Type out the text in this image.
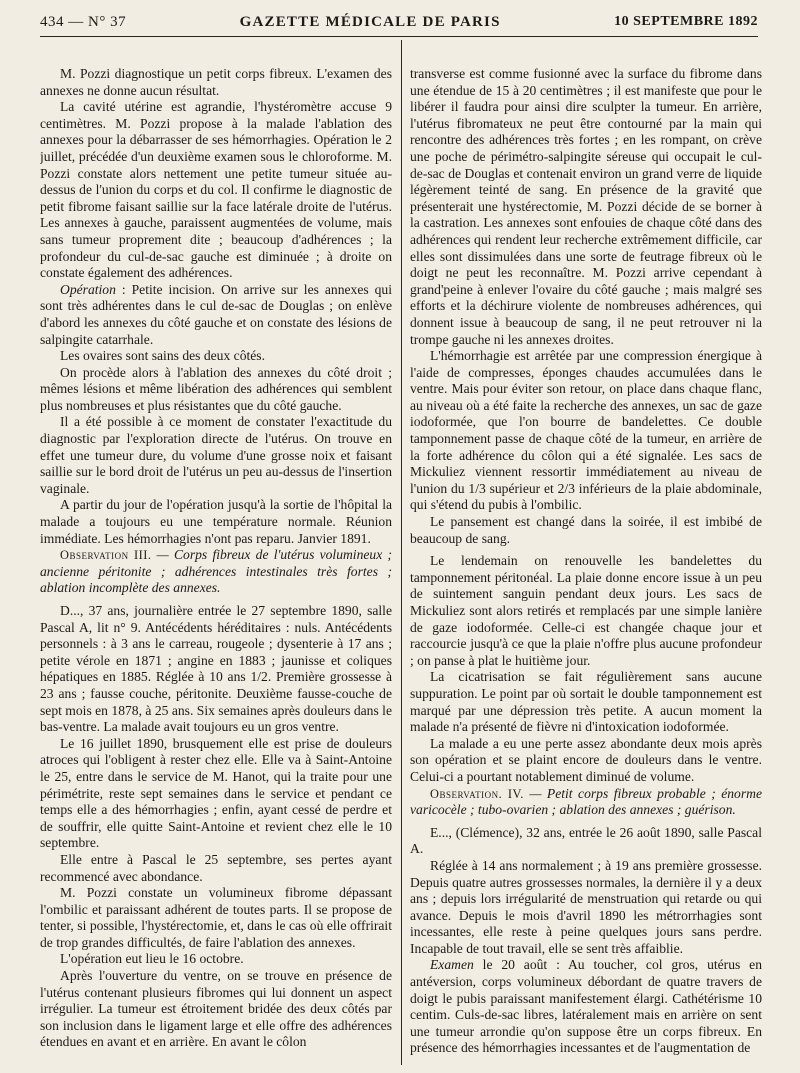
434 — N° 37	GAZETTE MÉDICALE DE PARIS	10 SEPTEMBRE 1892

M. Pozzi diagnostique un petit corps fibreux. L'examen des annexes ne donne aucun résultat.

La cavité utérine est agrandie, l'hystéromètre accuse 9 centimètres. M. Pozzi propose à la malade l'ablation des annexes pour la débarrasser de ses hémorrhagies. Opération le 2 juillet, précédée d'un deuxième examen sous le chloroforme. M. Pozzi constate alors nettement une petite tumeur située au-dessus de l'union du corps et du col. Il confirme le diagnostic de petit fibrome faisant saillie sur la face latérale droite de l'utérus. Les annexes à gauche, paraissent augmentées de volume, mais sans tumeur proprement dite ; beaucoup d'adhérences ; la profondeur du cul-de-sac gauche est diminuée ; à droite on constate également des adhérences.

Opération : Petite incision. On arrive sur les annexes qui sont très adhérentes dans le cul de-sac de Douglas ; on enlève d'abord les annexes du côté gauche et on constate des lésions de salpingite catarrhale.

Les ovaires sont sains des deux côtés.

On procède alors à l'ablation des annexes du côté droit ; mêmes lésions et même libération des adhérences qui semblent plus nombreuses et plus résistantes que du côté gauche.

Il a été possible à ce moment de constater l'exactitude du diagnostic par l'exploration directe de l'utérus. On trouve en effet une tumeur dure, du volume d'une grosse noix et faisant saillie sur le bord droit de l'utérus un peu au-dessus de l'insertion vaginale.

A partir du jour de l'opération jusqu'à la sortie de l'hôpital la malade a toujours eu une température normale. Réunion immédiate. Les hémorrhagies n'ont pas reparu. Janvier 1891.

Observation III. — Corps fibreux de l'utérus volumineux ; ancienne péritonite ; adhérences intestinales très fortes ; ablation incomplète des annexes.

D..., 37 ans, journalière entrée le 27 septembre 1890, salle Pascal A, lit n° 9. Antécédents héréditaires : nuls. Antécédents personnels : à 3 ans le carreau, rougeole ; dysenterie à 17 ans ; petite vérole en 1871 ; angine en 1883 ; jaunisse et coliques hépatiques en 1885. Réglée à 10 ans 1/2. Première grossesse à 23 ans ; fausse couche, péritonite. Deuxième fausse-couche de sept mois en 1878, à 25 ans. Six semaines après douleurs dans le bas-ventre. La malade avait toujours eu un gros ventre.

Le 16 juillet 1890, brusquement elle est prise de douleurs atroces qui l'obligent à rester chez elle. Elle va à Saint-Antoine le 25, entre dans le service de M. Hanot, qui la traite pour une périmétrite, reste sept semaines dans le service et pendant ce temps elle a des hémorrhagies ; enfin, ayant cessé de perdre et de souffrir, elle quitte Saint-Antoine et revient chez elle le 10 septembre.

Elle entre à Pascal le 25 septembre, ses pertes ayant recommencé avec abondance.

M. Pozzi constate un volumineux fibrome dépassant l'ombilic et paraissant adhérent de toutes parts. Il se propose de tenter, si possible, l'hystérectomie, et, dans le cas où elle offrirait de trop grandes difficultés, de faire l'ablation des annexes.

L'opération eut lieu le 16 octobre.

Après l'ouverture du ventre, on se trouve en présence de l'utérus contenant plusieurs fibromes qui lui donnent un aspect irrégulier. La tumeur est étroitement bridée des deux côtés par son inclusion dans le ligament large et elle offre des adhérences étendues en avant et en arrière. En avant le côlon

transverse est comme fusionné avec la surface du fibrome dans une étendue de 15 à 20 centimètres ; il est manifeste que pour le libérer il faudra pour ainsi dire sculpter la tumeur. En arrière, l'utérus fibromateux ne peut être contourné par la main qui rencontre des adhérences très fortes ; en les rompant, on crève une poche de périmétro-salpingite séreuse qui occupait le cul-de-sac de Douglas et contenait environ un grand verre de liquide légèrement teinté de sang. En présence de la gravité que présenterait une hystérectomie, M. Pozzi décide de se borner à la castration. Les annexes sont enfouies de chaque côté dans des adhérences qui rendent leur recherche extrêmement difficile, car elles sont dissimulées dans une sorte de feutrage fibreux où le doigt ne peut les reconnaître. M. Pozzi arrive cependant à grand'peine à enlever l'ovaire du côté gauche ; mais malgré ses efforts et la déchirure violente de nombreuses adhérences, qui donnent issue à beaucoup de sang, il ne peut retrouver ni la trompe gauche ni les annexes droites.

L'hémorrhagie est arrêtée par une compression énergique à l'aide de compresses, éponges chaudes accumulées dans le ventre. Mais pour éviter son retour, on place dans chaque flanc, au niveau où a été faite la recherche des annexes, un sac de gaze iodoformée, que l'on bourre de bandelettes. Ce double tamponnement passe de chaque côté de la tumeur, en arrière de la forte adhérence du côlon qui a été signalée. Les sacs de Mickuliez viennent ressortir immédiatement au niveau de l'union du 1/3 supérieur et 2/3 inférieurs de la plaie abdominale, qui s'étend du pubis à l'ombilic.

Le pansement est changé dans la soirée, il est imbibé de beaucoup de sang.

Le lendemain on renouvelle les bandelettes du tamponnement péritonéal. La plaie donne encore issue à un peu de suintement sanguin pendant deux jours. Les sacs de Mickuliez sont alors retirés et remplacés par une simple lanière de gaze iodoformée. Celle-ci est changée chaque jour et raccourcie jusqu'à ce que la plaie n'offre plus aucune profondeur ; on panse à plat le huitième jour.

La cicatrisation se fait régulièrement sans aucune suppuration. Le point par où sortait le double tamponnement est marqué par une dépression très petite. A aucun moment la malade n'a présenté de fièvre ni d'intoxication iodoformée.

La malade a eu une perte assez abondante deux mois après son opération et se plaint encore de douleurs dans le ventre. Celui-ci a pourtant notablement diminué de volume.

Observation. IV. — Petit corps fibreux probable ; énorme varicocèle ; tubo-ovarien ; ablation des annexes ; guérison.

E..., (Clémence), 32 ans, entrée le 26 août 1890, salle Pascal A.

Réglée à 14 ans normalement ; à 19 ans première grossesse. Depuis quatre autres grossesses normales, la dernière il y a deux ans ; depuis lors irrégularité de menstruation qui retarde ou qui avance. Depuis le mois d'avril 1890 les métrorrhagies sont incessantes, elle reste à peine quelques jours sans perdre. Incapable de tout travail, elle se sent très affaiblie.

Examen le 20 août : Au toucher, col gros, utérus en antéversion, corps volumineux débordant de quatre travers de doigt le pubis paraissant manifestement élargi. Cathétérisme 10 centim. Culs-de-sac libres, latéralement mais en arrière on sent une tumeur arrondie qu'on suppose être un corps fibreux. En présence des hémorrhagies incessantes et de l'augmentation de
